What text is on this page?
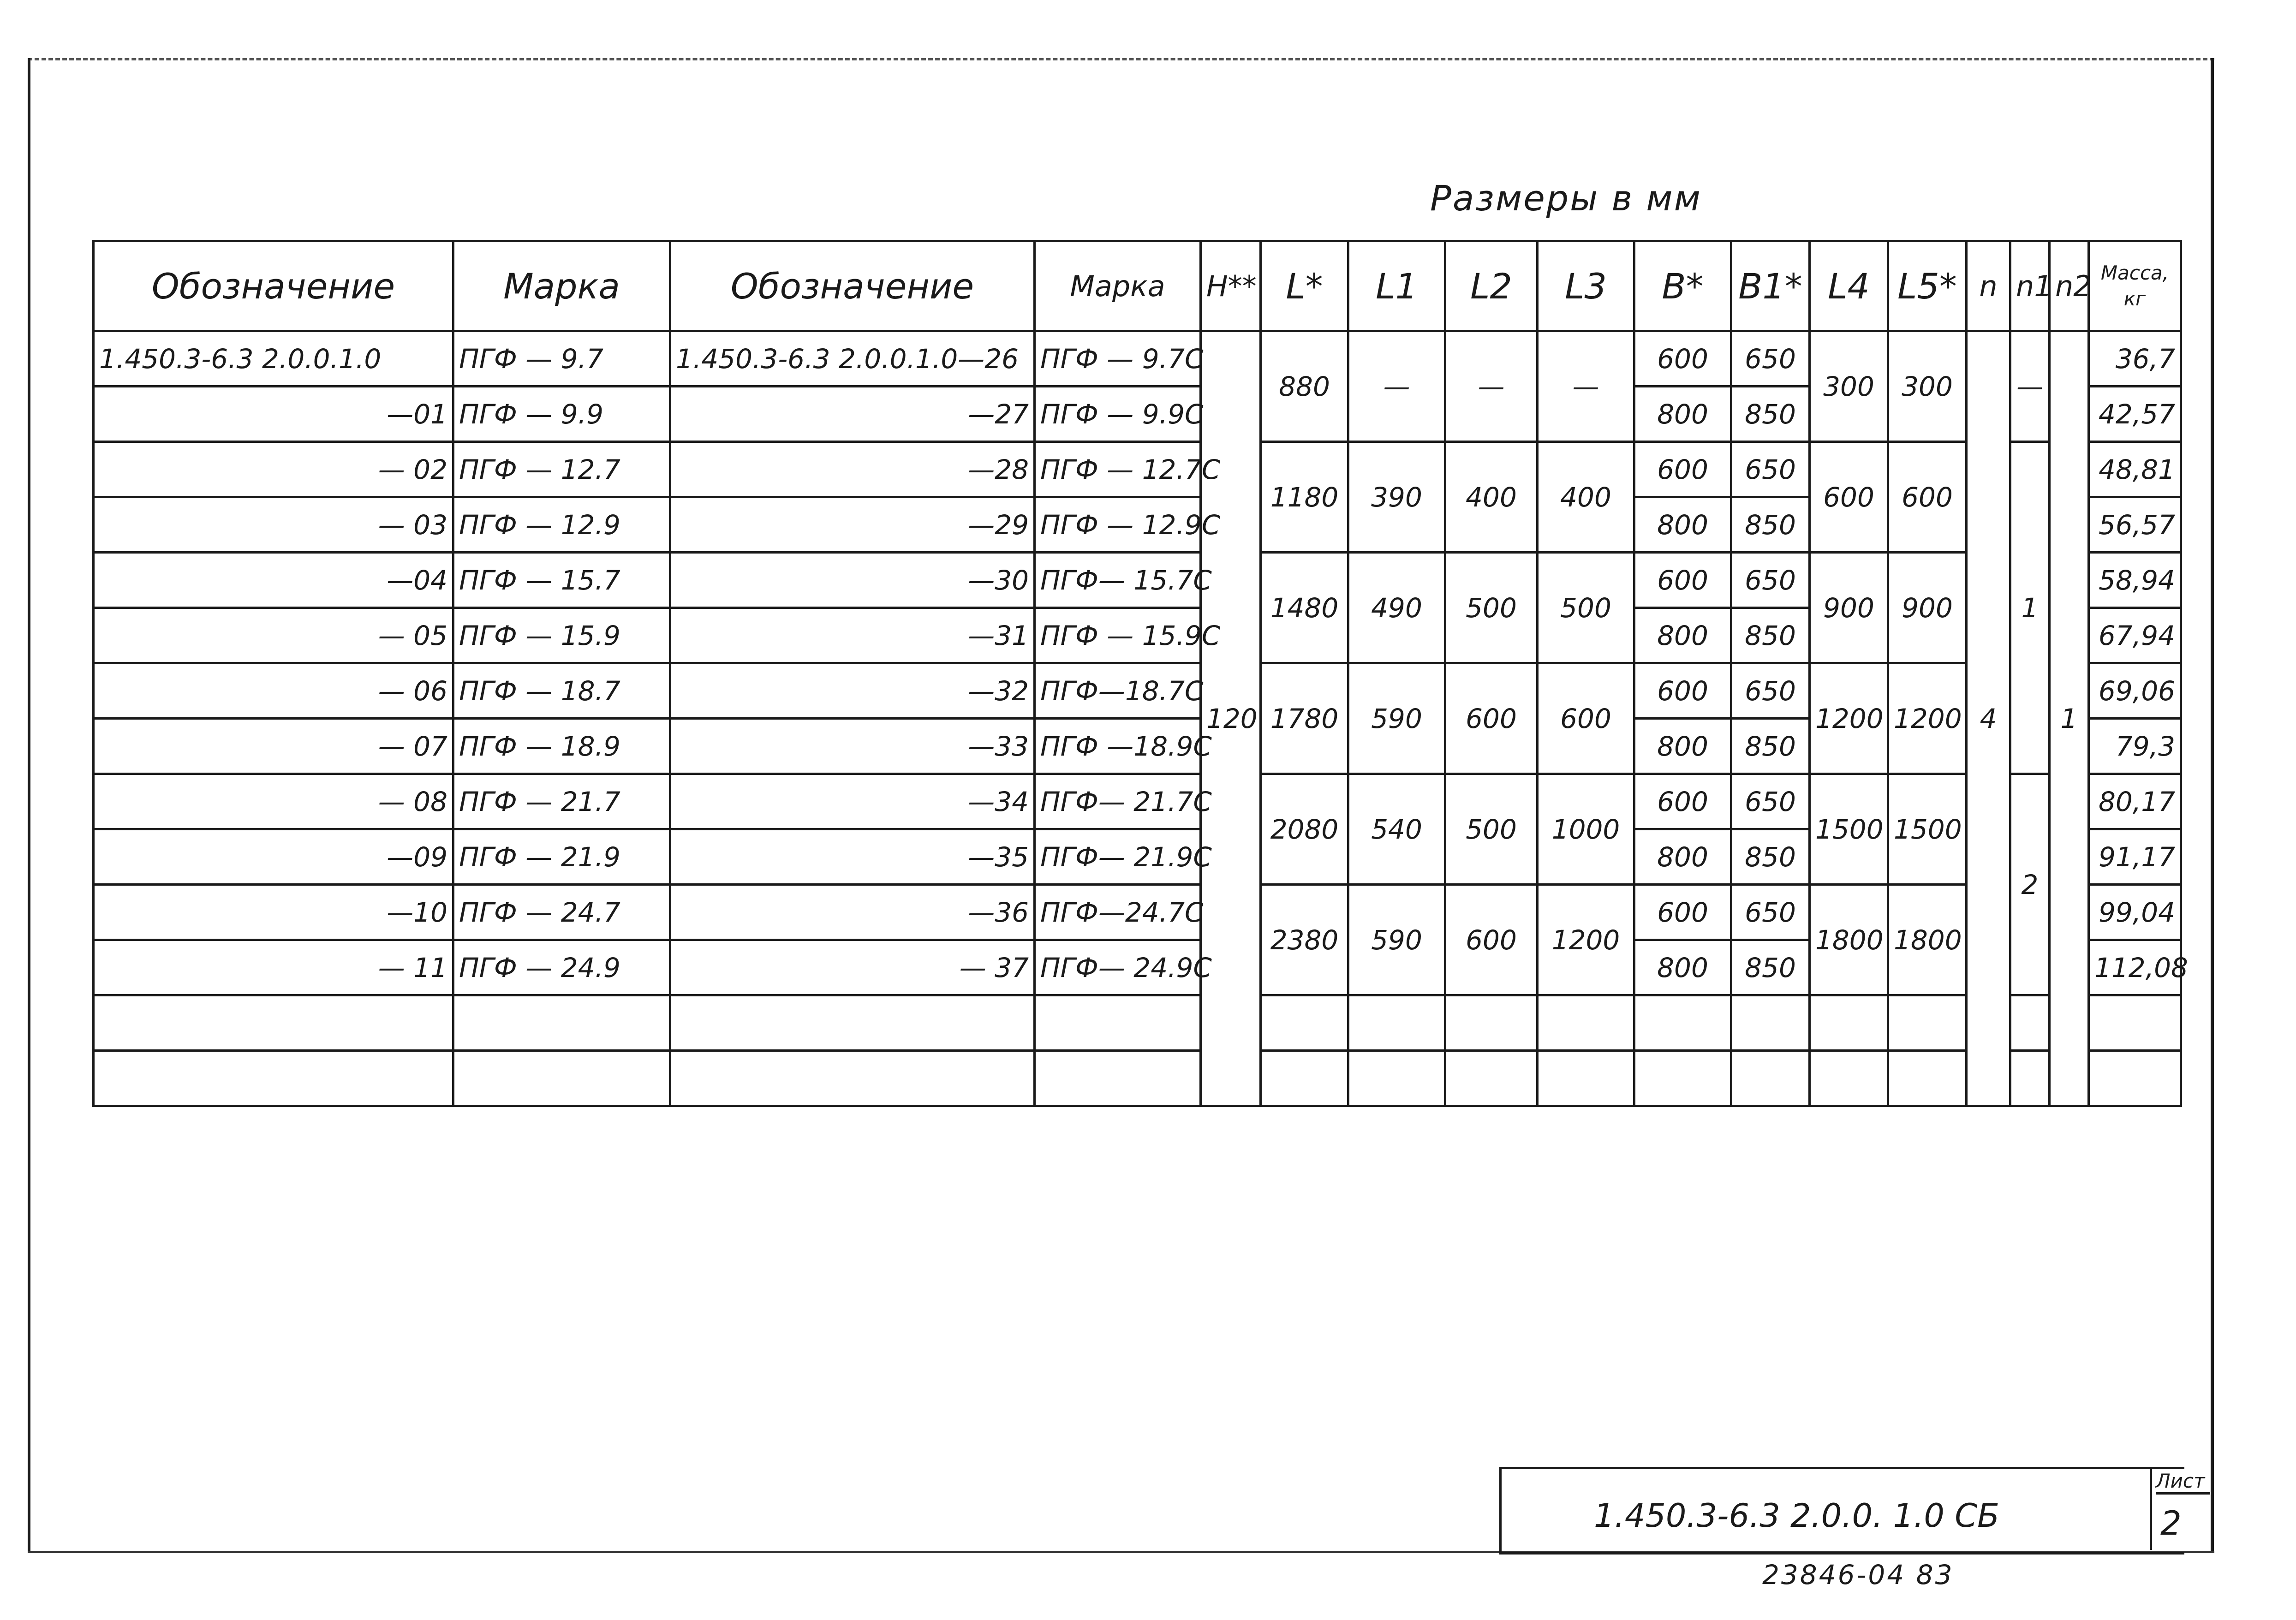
Размеры в мм
Обозначение	Марка	Обозначение	Марка	H**	L*	L1	L2	L3	B*	B1*	L4	L5*	n	n1	n2	Масса, кг
1.450.3-6.3 2.0.0.1.0	ПГФ — 9.7	1.450.3-6.3 2.0.0.1.0—26	ПГФ — 9.7С	120	880	—	—	—	600	650	300	300	4	—	1	36,7
—01	ПГФ — 9.9	—27	ПГФ — 9.9С						800	850						42,57
— 02	ПГФ — 12.7	—28	ПГФ — 12.7С		1180	390	400	400	600	650	600	600		1		48,81
— 03	ПГФ — 12.9	—29	ПГФ — 12.9С						800	850						56,57
—04	ПГФ — 15.7	—30	ПГФ— 15.7С		1480	490	500	500	600	650	900	900				58,94
— 05	ПГФ — 15.9	—31	ПГФ — 15.9С						800	850						67,94
— 06	ПГФ — 18.7	—32	ПГФ—18.7С		1780	590	600	600	600	650	1200	1200				69,06
— 07	ПГФ — 18.9	—33	ПГФ —18.9С						800	850						79,3
— 08	ПГФ — 21.7	—34	ПГФ— 21.7С		2080	540	500	1000	600	650	1500	1500		2		80,17
—09	ПГФ — 21.9	—35	ПГФ— 21.9С						800	850						91,17
—10	ПГФ — 24.7	—36	ПГФ—24.7С		2380	590	600	1200	600	650	1800	1800				99,04
— 11	ПГФ — 24.9	— 37	ПГФ— 24.9С						800	850						112,08

1.450.3-6.3 2.0.0. 1.0 СБ
Лист
2
23846-04 83
